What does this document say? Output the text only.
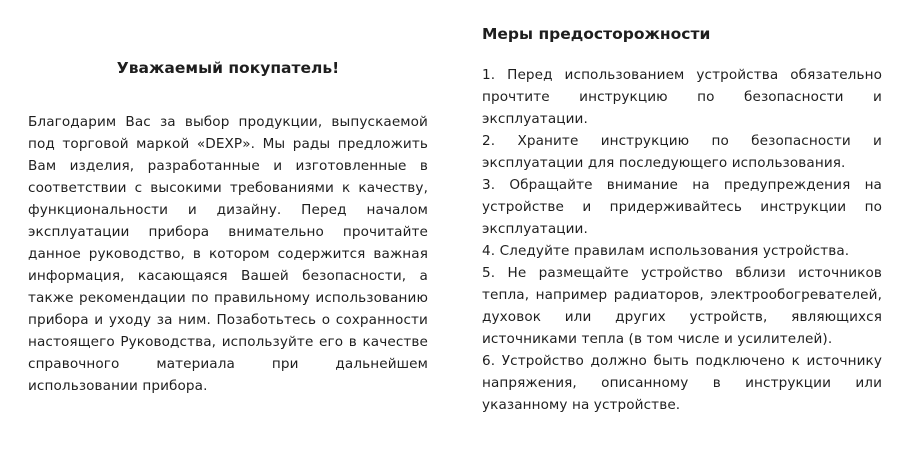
Уважаемый покупатель!

Благодарим Вас за выбор продукции, выпускаемой под торговой маркой «DEXP». Мы рады предложить Вам изделия, разработанные и изготовленные в соответствии с высокими требованиями к качеству, функциональности и дизайну. Перед началом эксплуатации прибора внимательно прочитайте данное руководство, в котором содержится важная информация, касающаяся Вашей безопасности, а также рекомендации по правильному использованию прибора и уходу за ним. Позаботьтесь о сохранности настоящего Руководства, используйте его в качестве справочного материала при дальнейшем использовании прибора.

Меры предосторожности
1. Перед использованием устройства обязательно прочтите инструкцию по безопасности и эксплуатации.
2. Храните инструкцию по безопасности и эксплуатации для последующего использования.
3. Обращайте внимание на предупреждения на устройстве и придерживайтесь инструкции по эксплуатации.
4. Следуйте правилам использования устройства.
5. Не размещайте устройство вблизи источников тепла, например радиаторов, электрообогревателей, духовок или других устройств, являющихся источниками тепла (в том числе и усилителей).
6. Устройство должно быть подключено к источнику напряжения, описанному в инструкции или указанному на устройстве.
